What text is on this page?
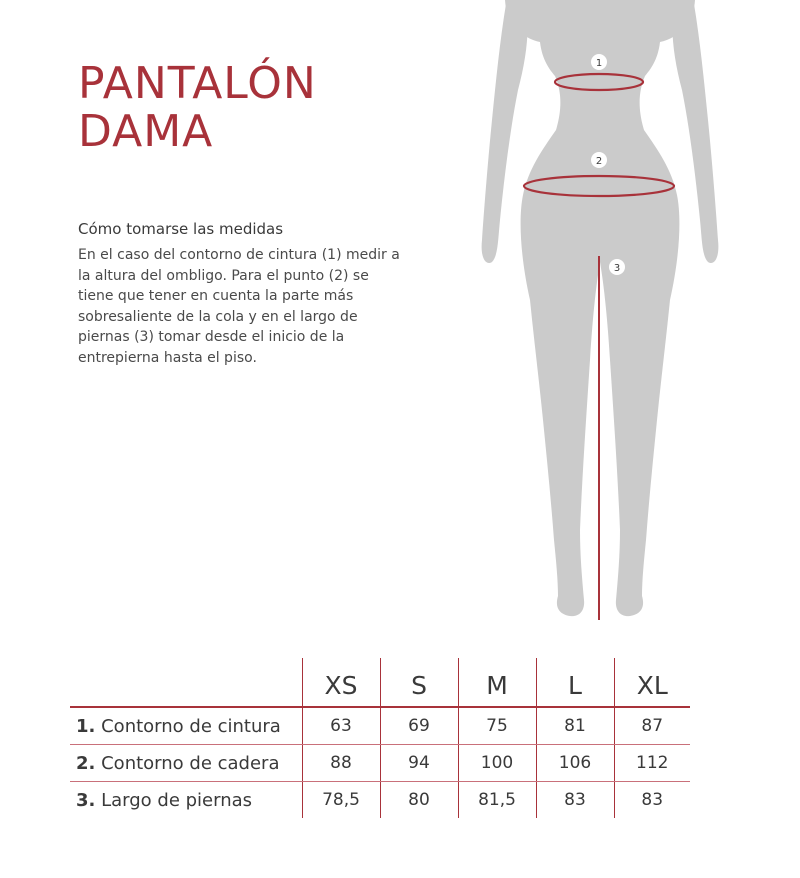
PANTALÓN
DAMA
Cómo tomarse las medidas

En el caso del contorno de cintura (1) medir a la altura del ombligo. Para el punto (2) se tiene que tener en cuenta la parte más sobresaliente de la cola y en el largo de piernas (3) tomar desde el inicio de la entrepierna hasta el piso.

1
2
3
	XS	S	M	L	XL
1. Contorno de cintura	63	69	75	81	87
2. Contorno de cadera	88	94	100	106	112
3. Largo de piernas	78,5	80	81,5	83	83
